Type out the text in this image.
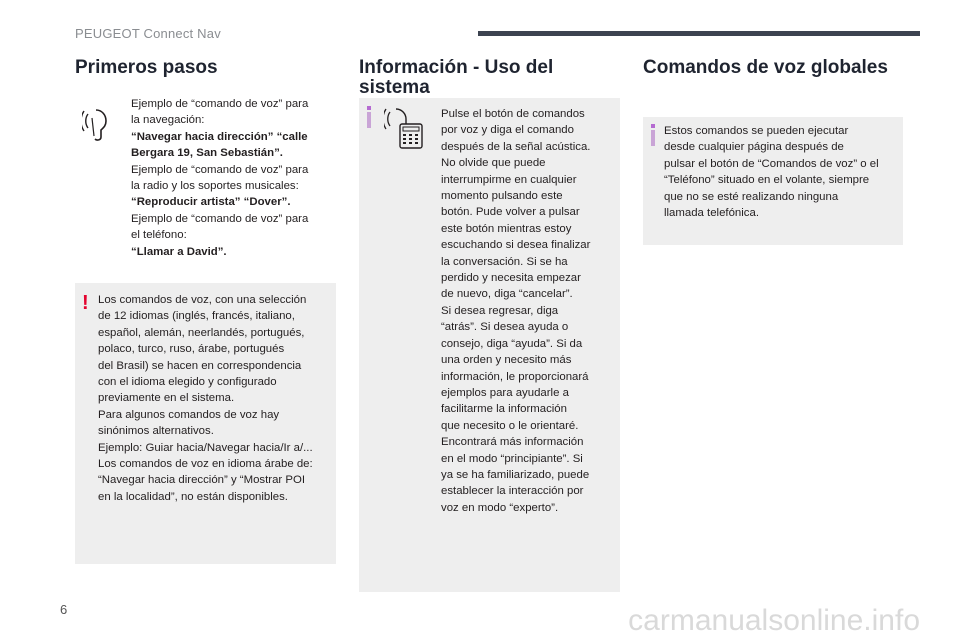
PEUGEOT Connect Nav
Primeros pasos
Ejemplo de “comando de voz” para
la navegación:
“Navegar hacia dirección” “calle
Bergara 19, San Sebastián”.
Ejemplo de “comando de voz” para
la radio y los soportes musicales:
“Reproducir artista” “Dover”.
Ejemplo de “comando de voz” para
el teléfono:
“Llamar a David”.
! Los comandos de voz, con una selección
de 12 idiomas (inglés, francés, italiano,
español, alemán, neerlandés, portugués,
polaco, turco, ruso, árabe, portugués
del Brasil) se hacen en correspondencia
con el idioma elegido y configurado
previamente en el sistema.
Para algunos comandos de voz hay
sinónimos alternativos.
Ejemplo: Guiar hacia/Navegar hacia/Ir a/...
Los comandos de voz en idioma árabe de:
“Navegar hacia dirección” y “Mostrar POI
en la localidad”, no están disponibles.
Información - Uso del
sistema
Pulse el botón de comandos
por voz y diga el comando
después de la señal acústica.
No olvide que puede
interrumpirme en cualquier
momento pulsando este
botón. Pude volver a pulsar
este botón mientras estoy
escuchando si desea finalizar
la conversación. Si se ha
perdido y necesita empezar
de nuevo, diga “cancelar”.
Si desea regresar, diga
“atrás”. Si desea ayuda o
consejo, diga “ayuda”. Si da
una orden y necesito más
información, le proporcionará
ejemplos para ayudarle a
facilitarme la información
que necesito o le orientaré.
Encontrará más información
en el modo “principiante”. Si
ya se ha familiarizado, puede
establecer la interacción por
voz en modo “experto”.
Comandos de voz globales
Estos comandos se pueden ejecutar
desde cualquier página después de
pulsar el botón de “Comandos de voz” o el
“Teléfono” situado en el volante, siempre
que no se esté realizando ninguna
llamada telefónica.
6	carmanualsonline.info
